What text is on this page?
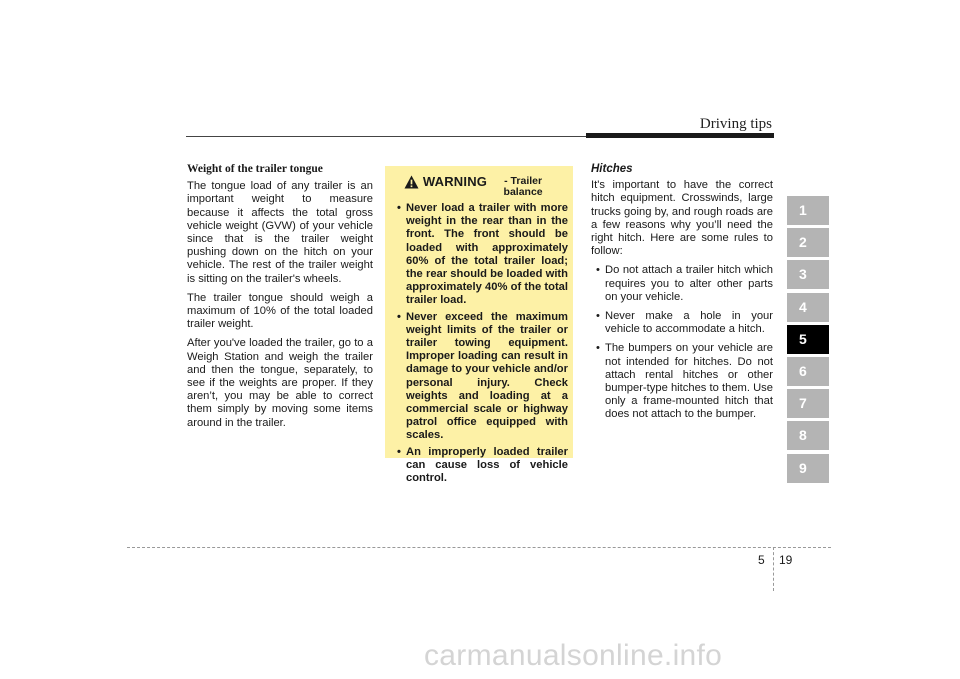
Driving tips
Weight of the trailer tongue

The tongue load of any trailer is an important weight to measure because it affects the total gross vehicle weight (GVW) of your vehicle since that is the trailer weight pushing down on the hitch on your vehicle. The rest of the trailer weight is sitting on the trailer's wheels.

The trailer tongue should weigh a maximum of 10% of the total loaded trailer weight.

After you've loaded the trailer, go to a Weigh Station and weigh the trailer and then the tongue, separately, to see if the weights are proper. If they aren’t, you may be able to correct them simply by moving some items around in the trailer.

WARNING	- Trailer balance
• Never load a trailer with more weight in the rear than in the front. The front should be loaded with approximately 60% of the total trailer load; the rear should be loaded with approximately 40% of the total trailer load.
• Never exceed the maximum weight limits of the trailer or trailer towing equipment. Improper loading can result in damage to your vehicle and/or personal injury. Check weights and loading at a commercial scale or highway patrol office equipped with scales.
• An improperly loaded trailer can cause loss of vehicle control.
Hitches

It's important to have the correct hitch equipment. Crosswinds, large trucks going by, and rough roads are a few reasons why you’ll need the right hitch. Here are some rules to follow:

• Do not attach a trailer hitch which requires you to alter other parts on your vehicle.
• Never make a hole in your vehicle to accommodate a hitch.
• The bumpers on your vehicle are not intended for hitches. Do not attach rental hitches or other bumper-type hitches to them. Use only a frame-mounted hitch that does not attach to the bumper.
1
2
3
4
5
6
7
8
9
5 19
carmanualsonline.info
